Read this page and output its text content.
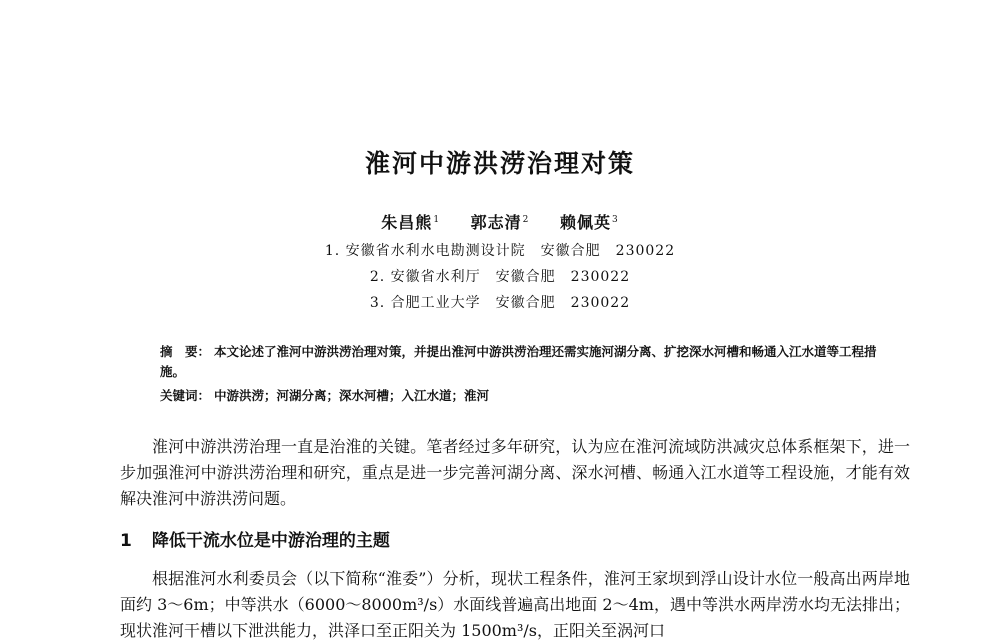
淮河中游洪涝治理对策
朱昌熊$^1$ 郭志清$^2$ 赖佩英$^3$
1. 安徽省水利水电勘测设计院　安徽合肥　230022
2. 安徽省水利厅　安徽合肥　230022
3. 合肥工业大学　安徽合肥　230022
摘　要： 本文论述了淮河中游洪涝治理对策，并提出淮河中游洪涝治理还需实施河湖分离、扩挖深水河槽和畅通入江水道等工程措施。
关键词： 中游洪涝；河湖分离；深水河槽；入江水道；淮河
淮河中游洪涝治理一直是治淮的关键。笔者经过多年研究，认为应在淮河流域防洪减灾总体系框架下，进一步加强淮河中游洪涝治理和研究，重点是进一步完善河湖分离、深水河槽、畅通入江水道等工程设施，才能有效解决淮河中游洪涝问题。
1 降低干流水位是中游治理的主题
根据淮河水利委员会（以下简称“淮委”）分析，现状工程条件，淮河王家坝到浮山设计水位一般高出两岸地面约 3～6m；中等洪水（6000～8000m³/s）水面线普遍高出地面 2～4m，遇中等洪水两岸涝水均无法排出；现状淮河干槽以下泄洪能力，洪泽口至正阳关为 1500m³/s，正阳关至涡河口
